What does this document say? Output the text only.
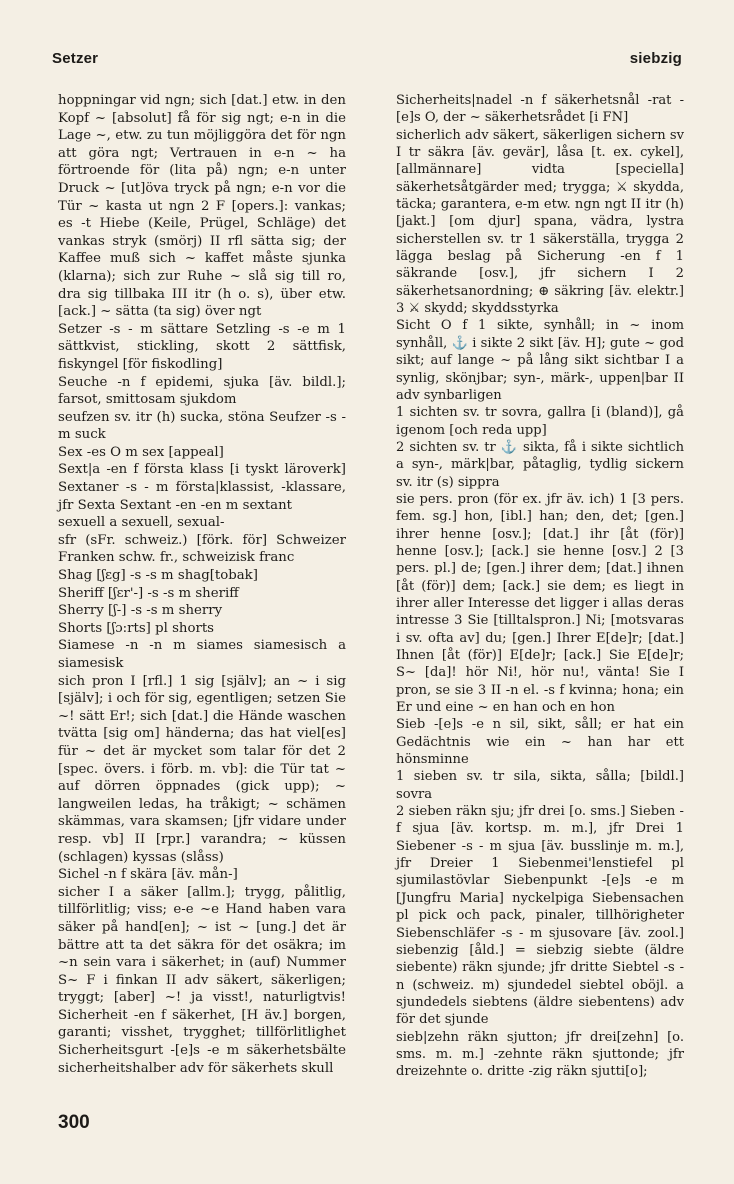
Setzer	siebzig

hoppningar vid ngn; sich [dat.] etw. in den Kopf ~ [absolut] få för sig ngt; e-n in die Lage ~, etw. zu tun möjliggöra det för ngn att göra ngt; Vertrauen in e-n ~ ha förtroende för (lita på) ngn; e-n unter Druck ~ [ut]öva tryck på ngn; e-n vor die Tür ~ kasta ut ngn 2 F [opers.]: vankas; es -t Hiebe (Keile, Prügel, Schläge) det vankas stryk (smörj) II rfl sätta sig; der Kaffee muß sich ~ kaffet måste sjunka (klarna); sich zur Ruhe ~ slå sig till ro, dra sig tillbaka III itr (h o. s), über etw. [ack.] ~ sätta (ta sig) över ngt

Setzer -s - m sättare Setzling -s -e m 1 sättkvist, stickling, skott 2 sättfisk, fiskyngel [för fiskodling]

Seuche -n f epidemi, sjuka [äv. bildl.]; farsot, smittosam sjukdom

seufzen sv. itr (h) sucka, stöna Seufzer -s - m suck

Sex -es O m sex [appeal]

Sext|a -en f första klass [i tyskt läroverk] Sextaner -s - m första|klassist, -klassare, jfr Sexta Sextant -en -en m sextant

sexuell a sexuell, sexual-

sfr (sFr. schweiz.) [förk. för] Schweizer Franken schw. fr., schweizisk franc

Shag [ʃɛg] -s -s m shag[tobak]

Sheriff [ʃɛr'-] -s -s m sheriff

Sherry [ʃ-] -s -s m sherry

Shorts [ʃɔ:rts] pl shorts

Siamese -n -n m siames siamesisch a siamesisk

sich pron I [rfl.] 1 sig [själv]; an ~ i sig [själv]; i och för sig, egentligen; setzen Sie ~! sätt Er!; sich [dat.] die Hände waschen tvätta [sig om] händerna; das hat viel[es] für ~ det är mycket som talar för det 2 [spec. övers. i förb. m. vb]: die Tür tat ~ auf dörren öppnades (gick upp); ~ langweilen ledas, ha tråkigt; ~ schämen skämmas, vara skamsen; [jfr vidare under resp. vb] II [rpr.] varandra; ~ küssen (schlagen) kyssas (slåss)

Sichel -n f skära [äv. mån-]

sicher I a säker [allm.]; trygg, pålitlig, tillförlitlig; viss; e-e ~e Hand haben vara säker på hand[en]; ~ ist ~ [ung.] det är bättre att ta det säkra för det osäkra; im ~n sein vara i säkerhet; in (auf) Nummer S~ F i finkan II adv säkert, säkerligen; tryggt; [aber] ~! ja visst!, naturligtvis! Sicherheit -en f säkerhet, [H äv.] borgen, garanti; visshet, trygghet; tillförlitlighet Sicherheitsgurt -[e]s -e m säkerhetsbälte sicherheitshalber adv för säkerhets skull

Sicherheits|nadel -n f säkerhetsnål -rat -[e]s O, der ~ säkerhetsrådet [i FN]

sicherlich adv säkert, säkerligen sichern sv I tr säkra [äv. gevär], låsa [t. ex. cykel], [allmännare] vidta [speciella] säkerhetsåtgärder med; trygga; ⚔ skydda, täcka; garantera, e-m etw. ngn ngt II itr (h) [jakt.] [om djur] spana, vädra, lystra sicherstellen sv. tr 1 säkerställa, trygga 2 lägga beslag på Sicherung -en f 1 säkrande [osv.], jfr sichern I 2 säkerhetsanordning; ⊕ säkring [äv. elektr.] 3 ⚔ skydd; skyddsstyrka

Sicht O f 1 sikte, synhåll; in ~ inom synhåll, ⚓ i sikte 2 sikt [äv. H]; gute ~ god sikt; auf lange ~ på lång sikt sichtbar I a synlig, skönjbar; syn-, märk-, uppen|bar II adv synbarligen

1 sichten sv. tr sovra, gallra [i (bland)], gå igenom [och reda upp]

2 sichten sv. tr ⚓ sikta, få i sikte sichtlich a syn-, märk|bar, påtaglig, tydlig sickern sv. itr (s) sippra

sie pers. pron (för ex. jfr äv. ich) 1 [3 pers. fem. sg.] hon, [ibl.] han; den, det; [gen.] ihrer henne [osv.]; [dat.] ihr [åt (för)] henne [osv.]; [ack.] sie henne [osv.] 2 [3 pers. pl.] de; [gen.] ihrer dem; [dat.] ihnen [åt (för)] dem; [ack.] sie dem; es liegt in ihrer aller Interesse det ligger i allas deras intresse 3 Sie [tilltalspron.] Ni; [motsvaras i sv. ofta av] du; [gen.] Ihrer E[de]r; [dat.] Ihnen [åt (för)] E[de]r; [ack.] Sie E[de]r; S~ [da]! hör Ni!, hör nu!, vänta! Sie I pron, se sie 3 II -n el. -s f kvinna; hona; ein Er und eine ~ en han och en hon

Sieb -[e]s -e n sil, sikt, såll; er hat ein Gedächtnis wie ein ~ han har ett hönsminne

1 sieben sv. tr sila, sikta, sålla; [bildl.] sovra

2 sieben räkn sju; jfr drei [o. sms.] Sieben - f sjua [äv. kortsp. m. m.], jfr Drei 1 Siebener -s - m sjua [äv. busslinje m. m.], jfr Dreier 1 Siebenmei'lenstiefel pl sjumilastövlar Siebenpunkt -[e]s -e m [Jungfru Maria] nyckelpiga Siebensachen pl pick och pack, pinaler, tillhörigheter Siebenschläfer -s - m sjusovare [äv. zool.] siebenzig [åld.] = siebzig siebte (äldre siebente) räkn sjunde; jfr dritte Siebtel -s - n (schweiz. m) sjundedel siebtel oböjl. a sjundedels siebtens (äldre siebentens) adv för det sjunde

sieb|zehn räkn sjutton; jfr drei[zehn] [o. sms. m. m.] -zehnte räkn sjuttonde; jfr dreizehnte o. dritte -zig räkn sjutti[o];

300
